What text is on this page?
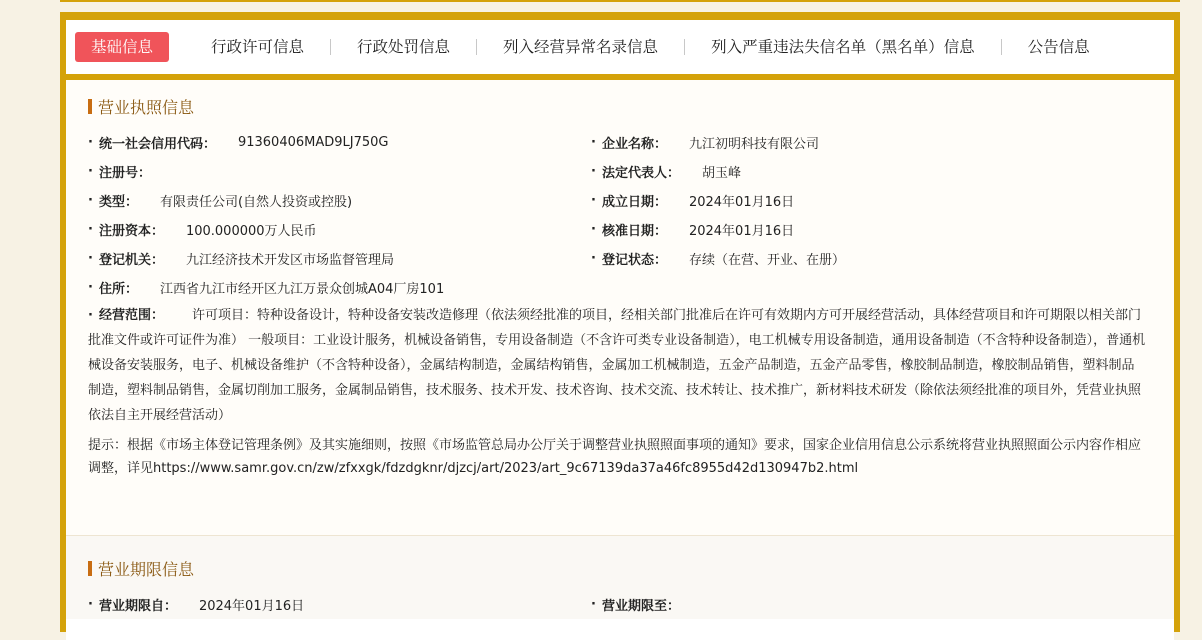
基础信息	行政许可信息	行政处罚信息	列入经营异常名录信息	列入严重违法失信名单（黑名单）信息	公告信息
营业执照信息
· 统一社会信用代码： 91360406MAD9LJ750G	· 企业名称： 九江初明科技有限公司
· 注册号：	· 法定代表人： 胡玉峰
· 类型： 有限责任公司(自然人投资或控股)	· 成立日期： 2024年01月16日
· 注册资本： 100.000000万人民币	· 核准日期： 2024年01月16日
· 登记机关： 九江经济技术开发区市场监督管理局	· 登记状态： 存续（在营、开业、在册）
· 住所： 江西省九江市经开区九江万景众创城A04厂房101
· 经营范围： 许可项目：特种设备设计，特种设备安装改造修理（依法须经批准的项目，经相关部门批准后在许可有效期内方可开展经营活动，具体经营项目和许可期限以相关部门批准文件或许可证件为准） 一般项目：工业设计服务，机械设备销售，专用设备制造（不含许可类专业设备制造），电工机械专用设备制造，通用设备制造（不含特种设备制造），普通机械设备安装服务，电子、机械设备维护（不含特种设备），金属结构制造，金属结构销售，金属加工机械制造，五金产品制造，五金产品零售，橡胶制品制造，橡胶制品销售，塑料制品制造，塑料制品销售，金属切削加工服务，金属制品销售，技术服务、技术开发、技术咨询、技术交流、技术转让、技术推广，新材料技术研发（除依法须经批准的项目外，凭营业执照依法自主开展经营活动）
提示：根据《市场主体登记管理条例》及其实施细则，按照《市场监管总局办公厅关于调整营业执照照面事项的通知》要求，国家企业信用信息公示系统将营业执照照面公示内容作相应调整，详见https://www.samr.gov.cn/zw/zfxxgk/fdzdgknr/djzcj/art/2023/art_9c67139da37a46fc8955d42d130947b2.html
营业期限信息
· 营业期限自： 2024年01月16日	· 营业期限至：
